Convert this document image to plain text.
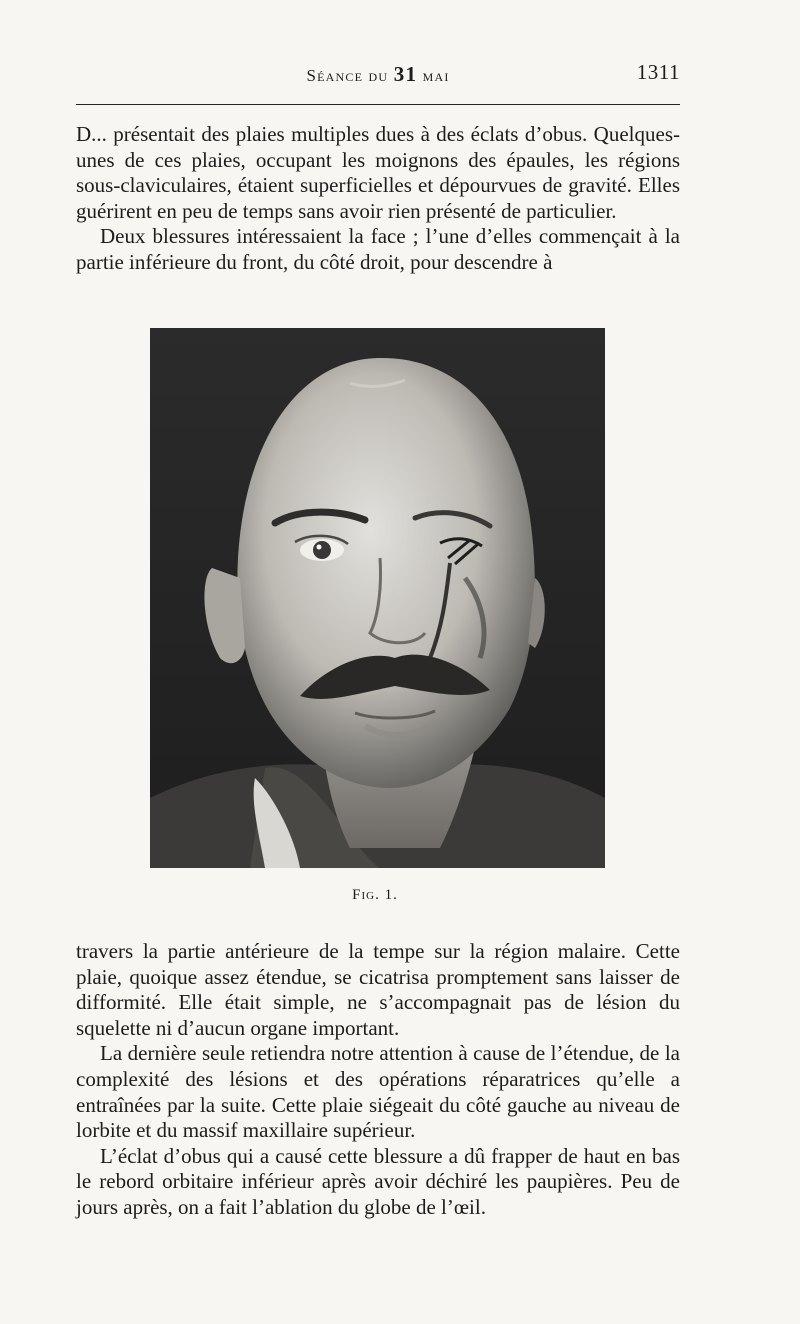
Séance du 31 mai	1311

D... présentait des plaies multiples dues à des éclats d’obus. Quelques-unes de ces plaies, occupant les moignons des épaules, les régions sous-claviculaires, étaient superficielles et dépourvues de gravité. Elles guérirent en peu de temps sans avoir rien présenté de particulier.

Deux blessures intéressaient la face ; l’une d’elles commençait à la partie inférieure du front, du côté droit, pour descendre à

Fig. 1.

travers la partie antérieure de la tempe sur la région malaire. Cette plaie, quoique assez étendue, se cicatrisa promptement sans laisser de difformité. Elle était simple, ne s’accompagnait pas de lésion du squelette ni d’aucun organe important.

La dernière seule retiendra notre attention à cause de l’étendue, de la complexité des lésions et des opérations réparatrices qu’elle a entraînées par la suite. Cette plaie siégeait du côté gauche au niveau de lorbite et du massif maxillaire supérieur.

L’éclat d’obus qui a causé cette blessure a dû frapper de haut en bas le rebord orbitaire inférieur après avoir déchiré les paupières. Peu de jours après, on a fait l’ablation du globe de l’œil.
